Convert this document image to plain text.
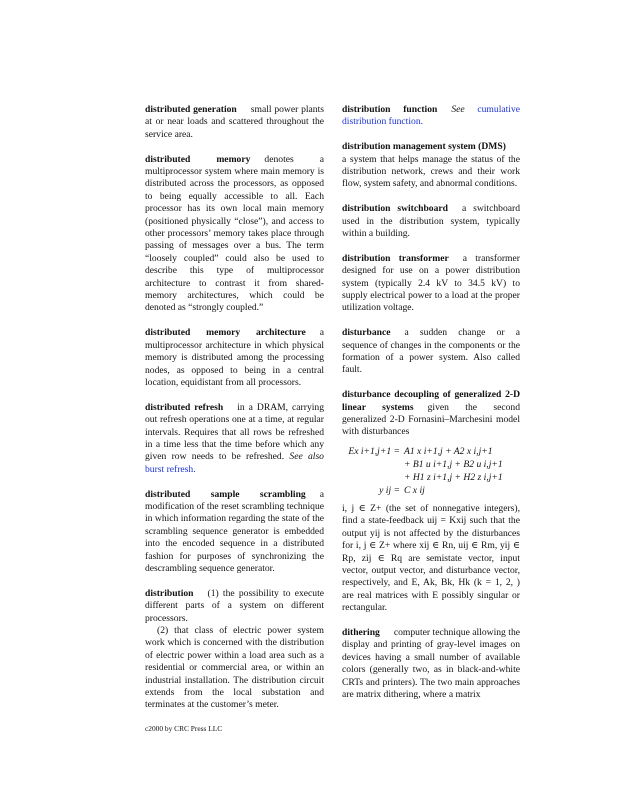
distributed generation small power plants at or near loads and scattered throughout the service area.
distributed memory denotes a multiprocessor system where main memory is distributed across the processors, as opposed to being equally accessible to all. Each processor has its own local main memory (positioned physically “close”), and access to other processors’ memory takes place through passing of messages over a bus. The term “loosely coupled” could also be used to describe this type of multiprocessor architecture to contrast it from shared-memory architectures, which could be denoted as “strongly coupled.”
distributed memory architecture a multiprocessor architecture in which physical memory is distributed among the processing nodes, as opposed to being in a central location, equidistant from all processors.
distributed refresh in a DRAM, carrying out refresh operations one at a time, at regular intervals. Requires that all rows be refreshed in a time less that the time before which any given row needs to be refreshed. See also burst refresh.
distributed sample scrambling a modification of the reset scrambling technique in which information regarding the state of the scrambling sequence generator is embedded into the encoded sequence in a distributed fashion for purposes of synchronizing the descrambling sequence generator.

distribution (1) the possibility to execute different parts of a system on different processors.

(2) that class of electric power system work which is concerned with the distribution of electric power within a load area such as a residential or commercial area, or within an industrial installation. The distribution circuit extends from the local substation and terminates at the customer’s meter.

distribution function See cumulative distribution function.
distribution management system (DMS)
a system that helps manage the status of the distribution network, crews and their work flow, system safety, and abnormal conditions.
distribution switchboard a switchboard used in the distribution system, typically within a building.
distribution transformer a transformer designed for use on a power distribution system (typically 2.4 kV to 34.5 kV) to supply electrical power to a load at the proper utilization voltage.
disturbance a sudden change or a sequence of changes in the components or the formation of a power system. Also called fault.
disturbance decoupling of generalized 2-D linear systems given the second generalized 2-D Fornasini–Marchesini model with disturbances
Ex i+1,j+1 = A1 x i+1,j + A2 x i,j+1
+ B1 u i+1,j + B2 u i,j+1
+ H1 z i+1,j + H2 z i,j+1
y ij = C x ij
i, j ∈ Z+ (the set of nonnegative integers), find a state-feedback uij = Kxij such that the output yij is not affected by the disturbances for i, j ∈ Z+ where xij ∈ Rn, uij ∈ Rm, yij ∈ Rp, zij ∈ Rq are semistate vector, input vector, output vector, and disturbance vector, respectively, and E, Ak, Bk, Hk (k = 1, 2, ) are real matrices with E possibly singular or rectangular.
dithering computer technique allowing the display and printing of gray-level images on devices having a small number of available colors (generally two, as in black-and-white CRTs and printers). The two main approaches are matrix dithering, where a matrix
c2000 by CRC Press LLC
